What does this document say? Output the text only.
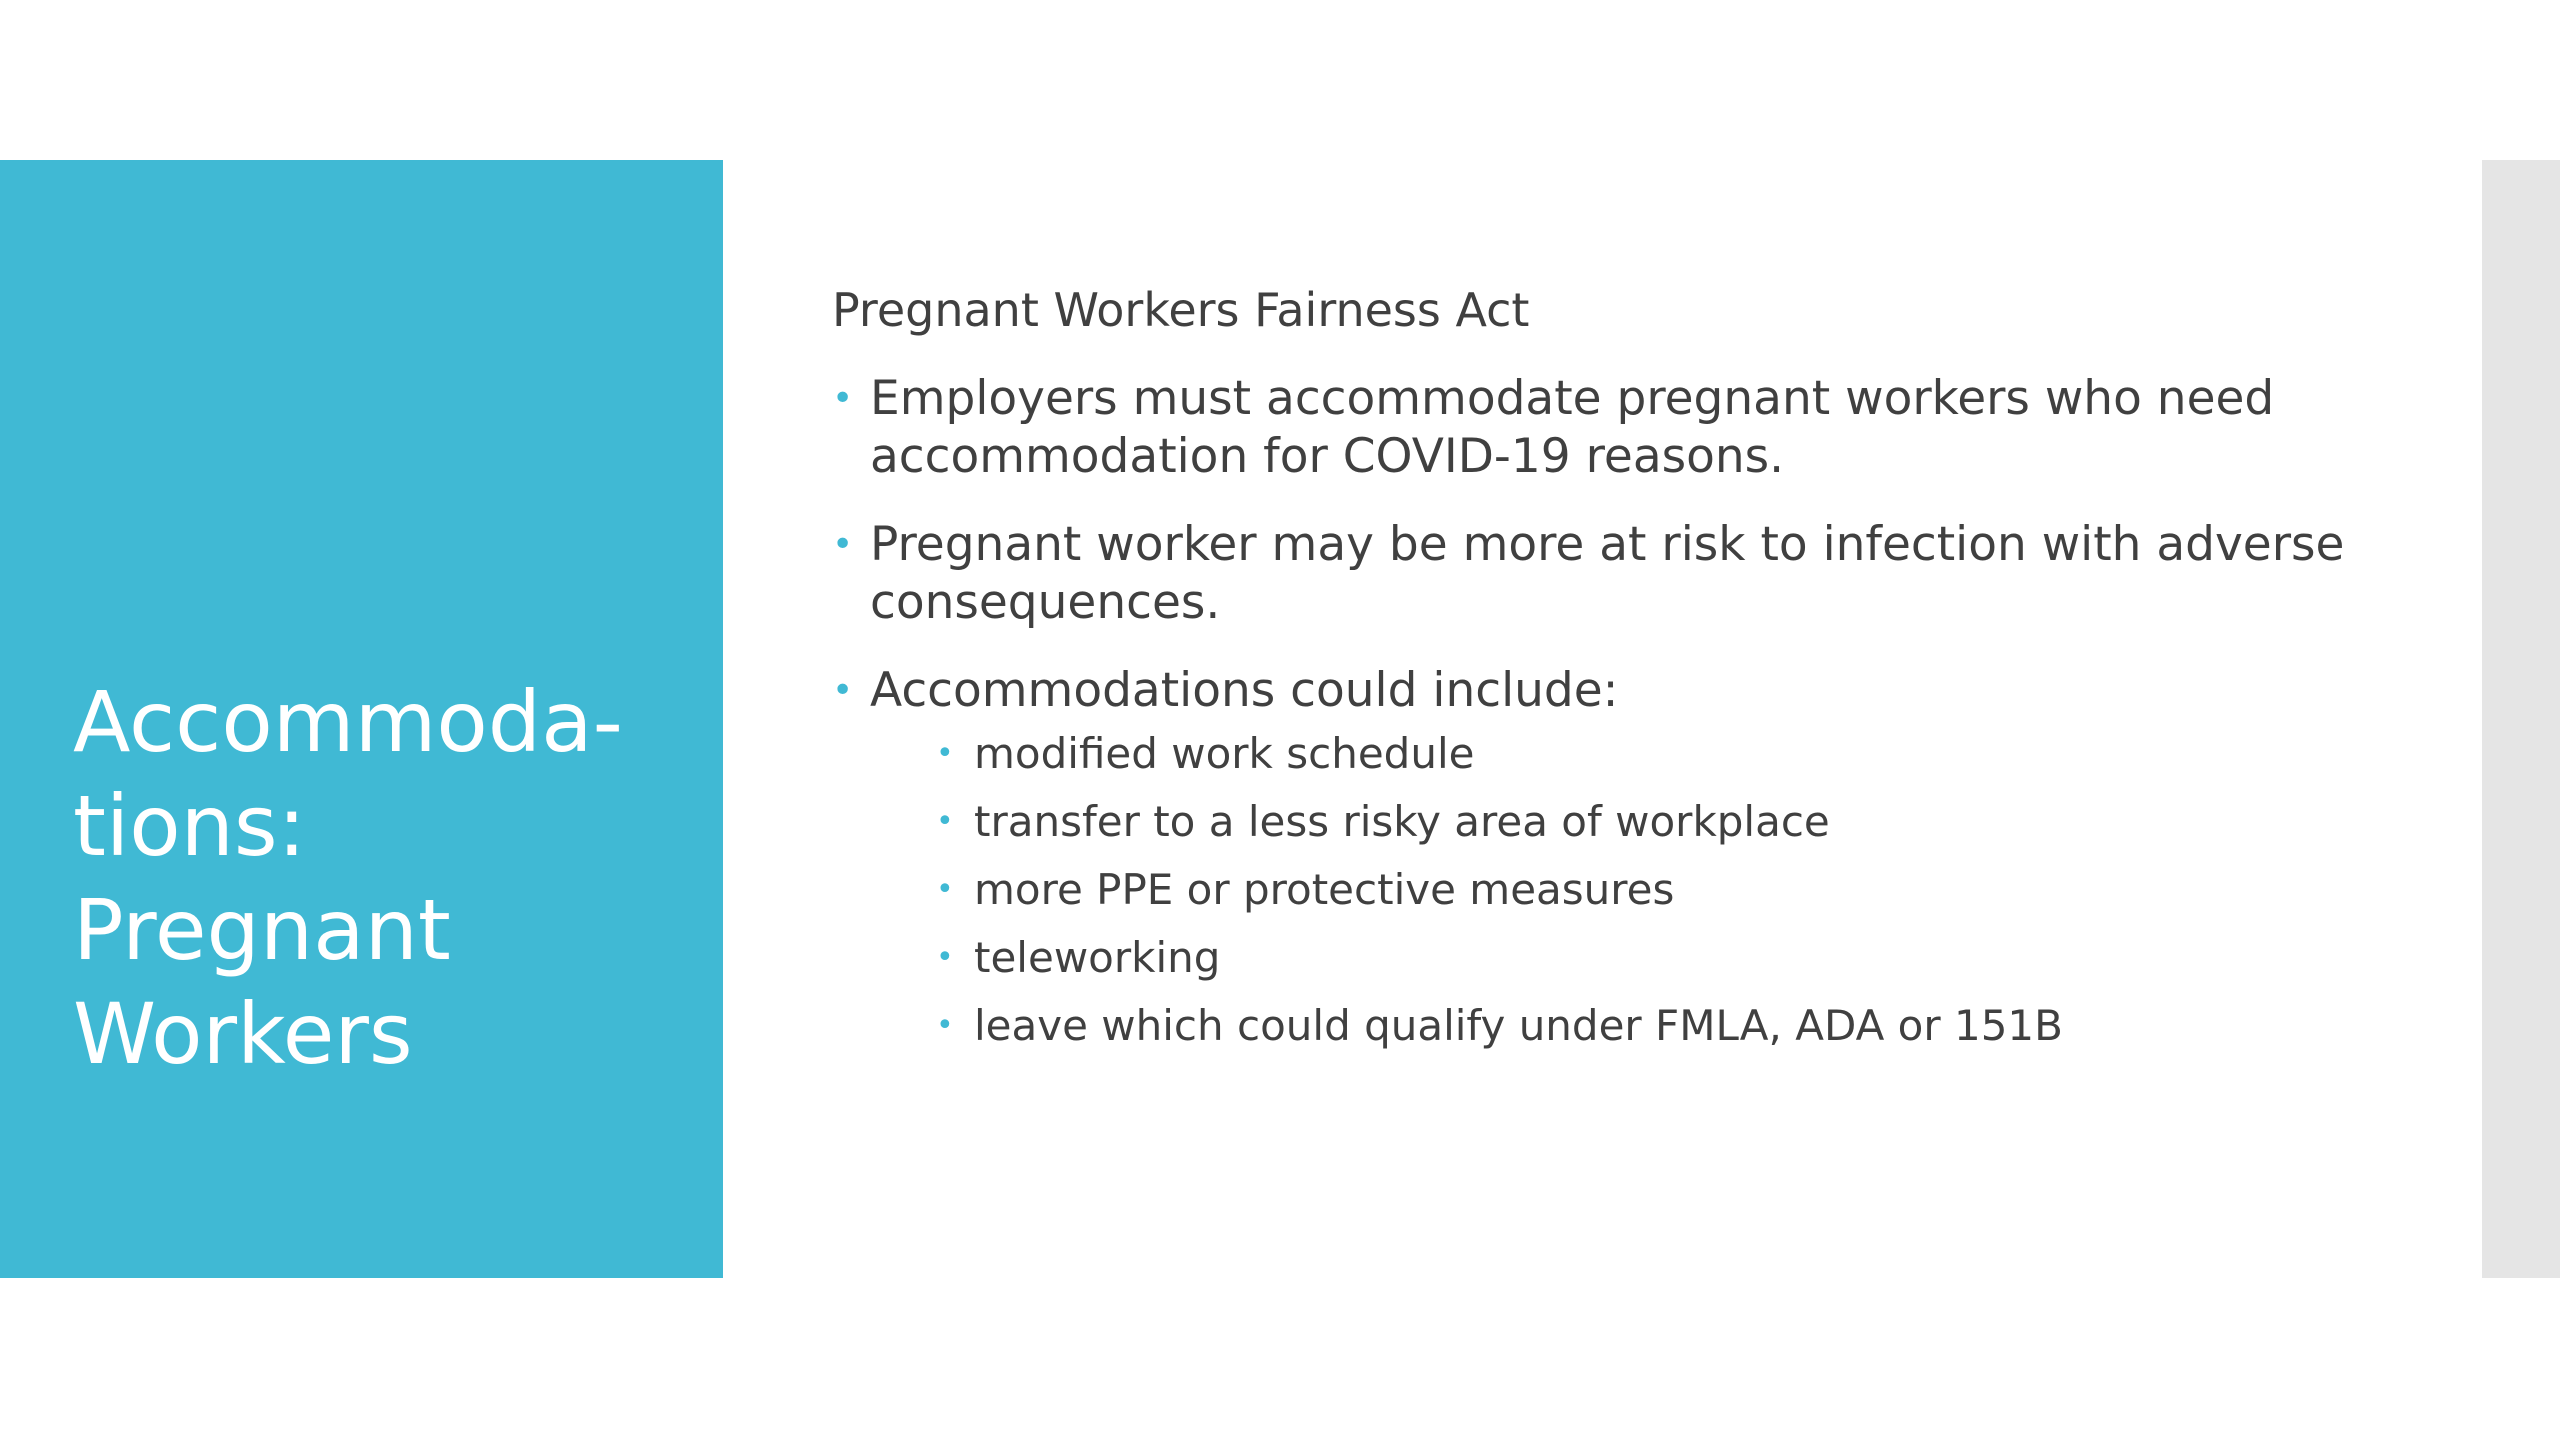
Accommoda-
tions:
Pregnant
Workers

Pregnant Workers Fairness Act

• Employers must accommodate pregnant workers who need accommodation for COVID-19 reasons.
• Pregnant worker may be more at risk to infection with adverse consequences.
• Accommodations could include:
• modified work schedule
• transfer to a less risky area of workplace
• more PPE or protective measures
• teleworking
• leave which could qualify under FMLA, ADA or 151B
